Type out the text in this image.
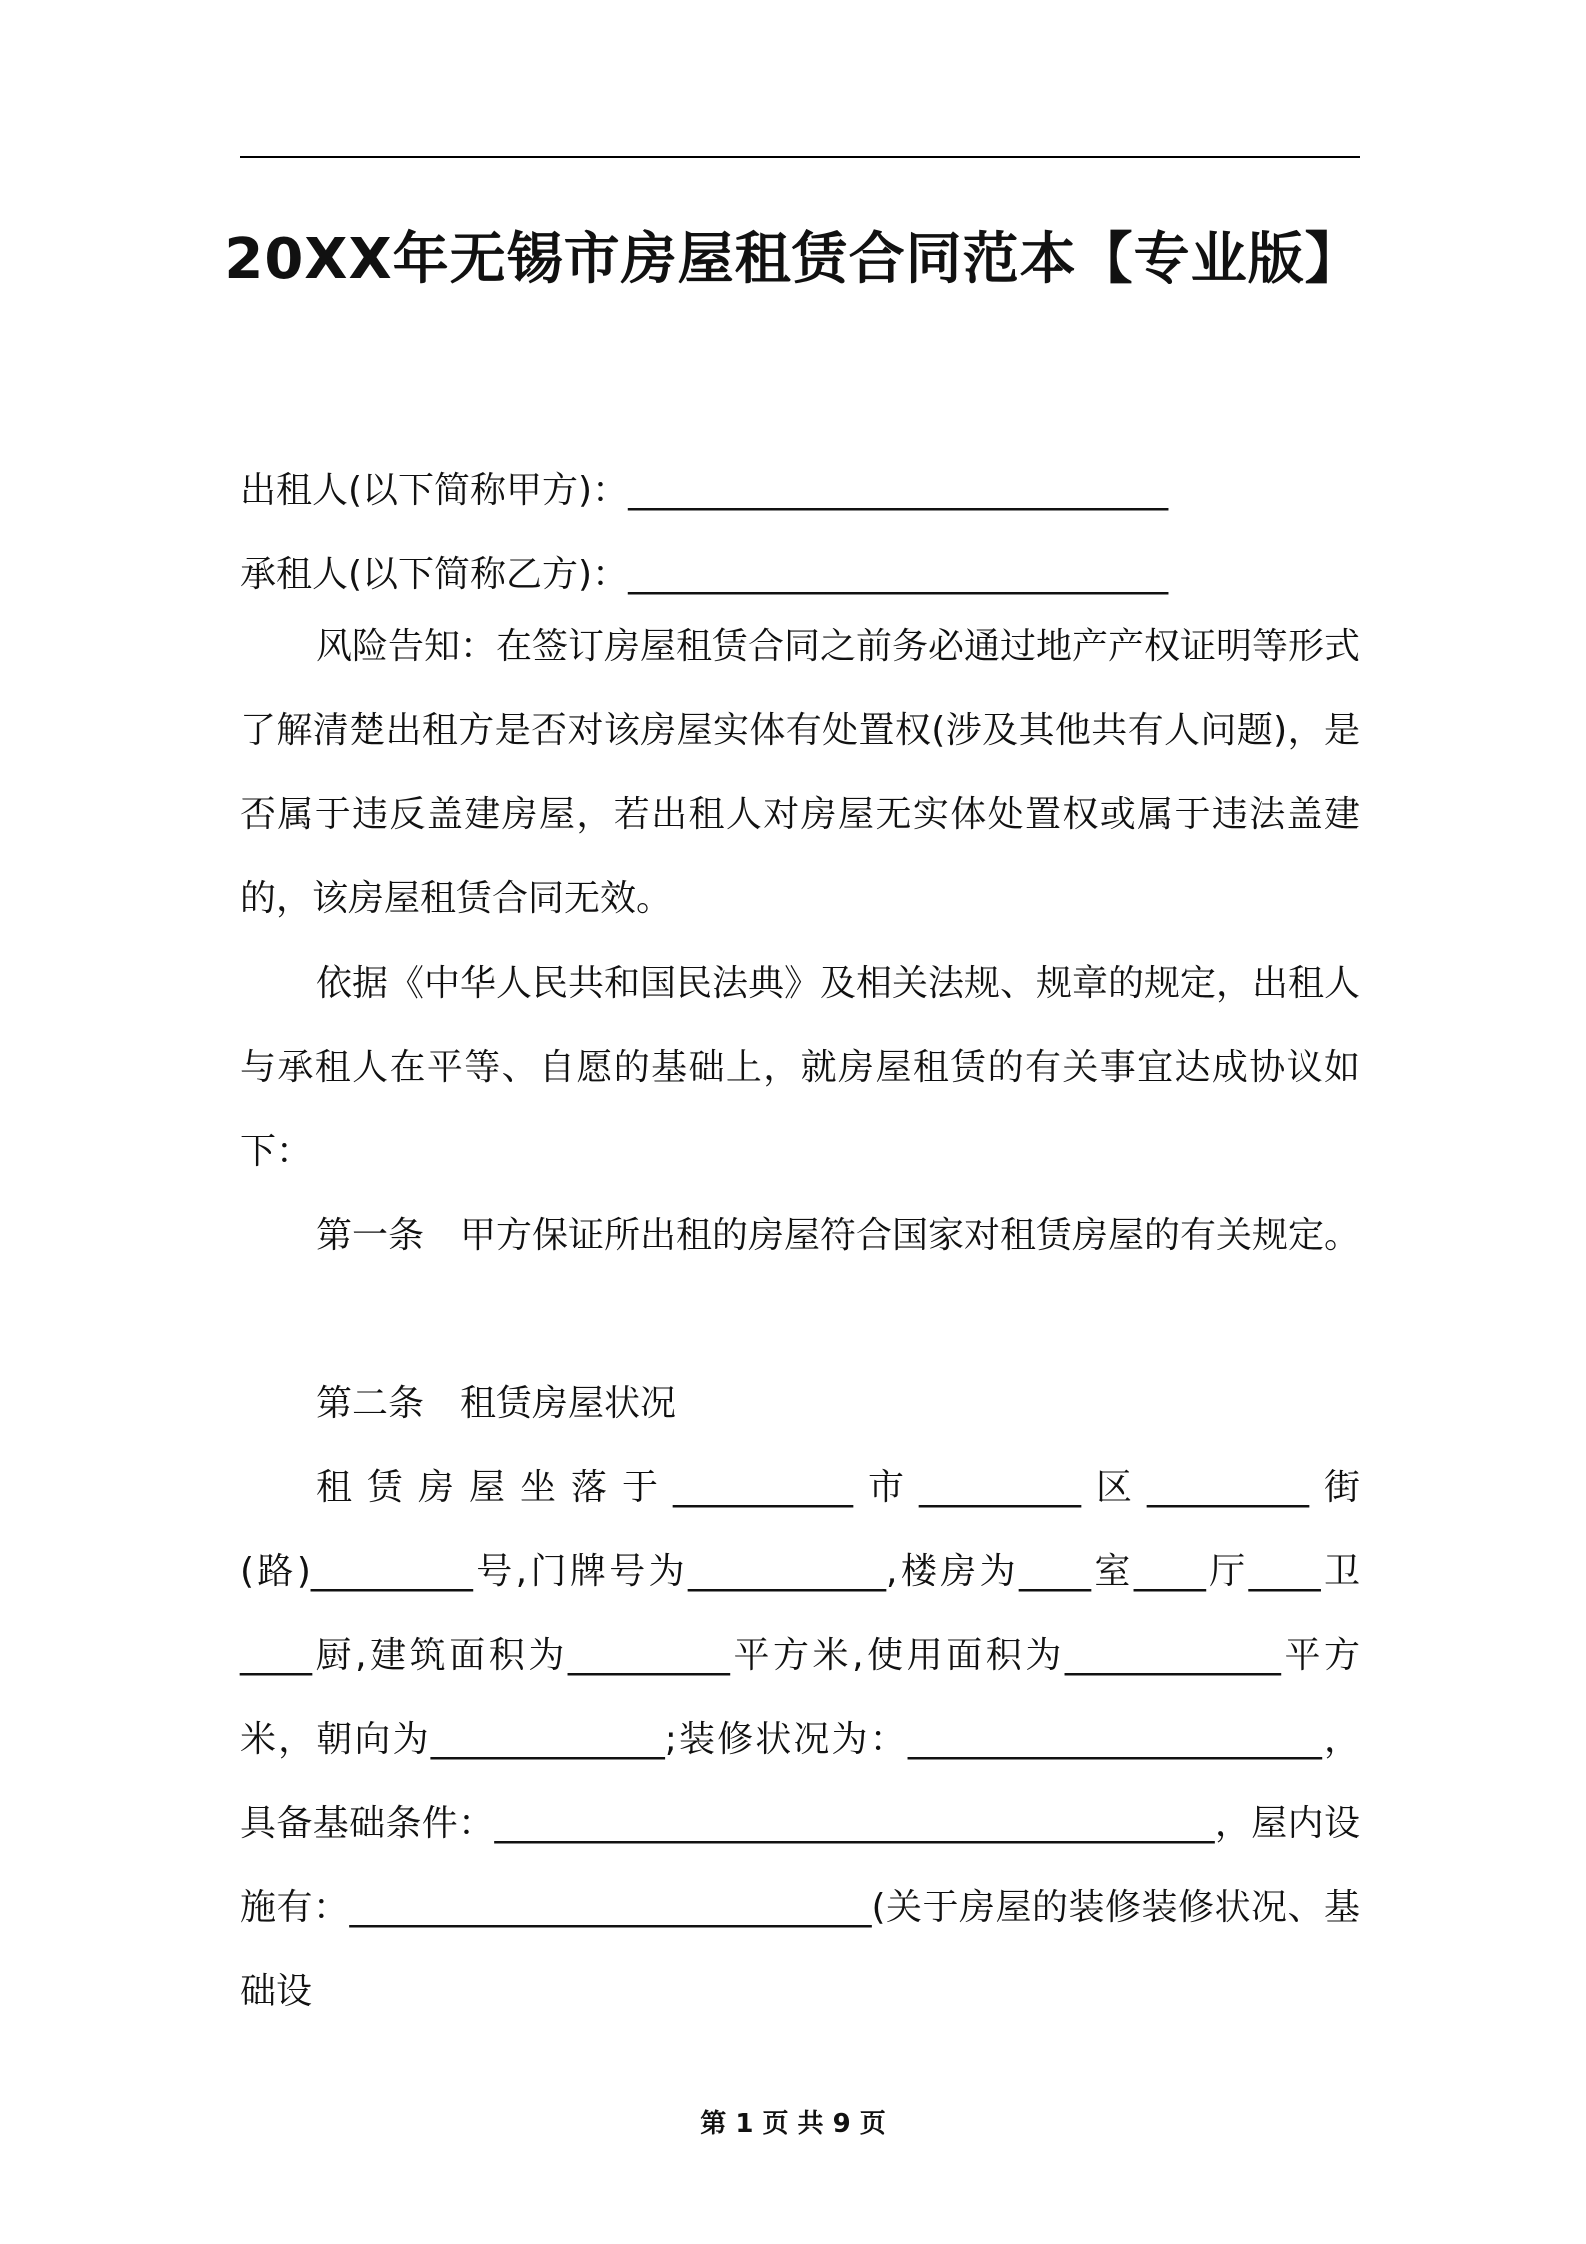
20XX年无锡市房屋租赁合同范本【专业版】
出租人(以下简称甲方)：______________________________
承租人(以下简称乙方)：______________________________
风险告知：在签订房屋租赁合同之前务必通过地产产权证明等形式了解清楚出租方是否对该房屋实体有处置权(涉及其他共有人问题)，是否属于违反盖建房屋，若出租人对房屋无实体处置权或属于违法盖建的，该房屋租赁合同无效。
依据《中华人民共和国民法典》及相关法规、规章的规定，出租人与承租人在平等、自愿的基础上，就房屋租赁的有关事宜达成协议如下：
第一条　甲方保证所出租的房屋符合国家对租赁房屋的有关规定。
第二条　租赁房屋状况
租赁房屋坐落于__________市_________区_________街(路)_________号,门牌号为___________,楼房为____室____厅____卫____厨,建筑面积为_________平方米,使用面积为____________平方米，朝向为_____________;装修状况为：_______________________，具备基础条件：________________________________________，屋内设施有：_____________________________(关于房屋的装修装修状况、基础设
第 1 页 共 9 页
